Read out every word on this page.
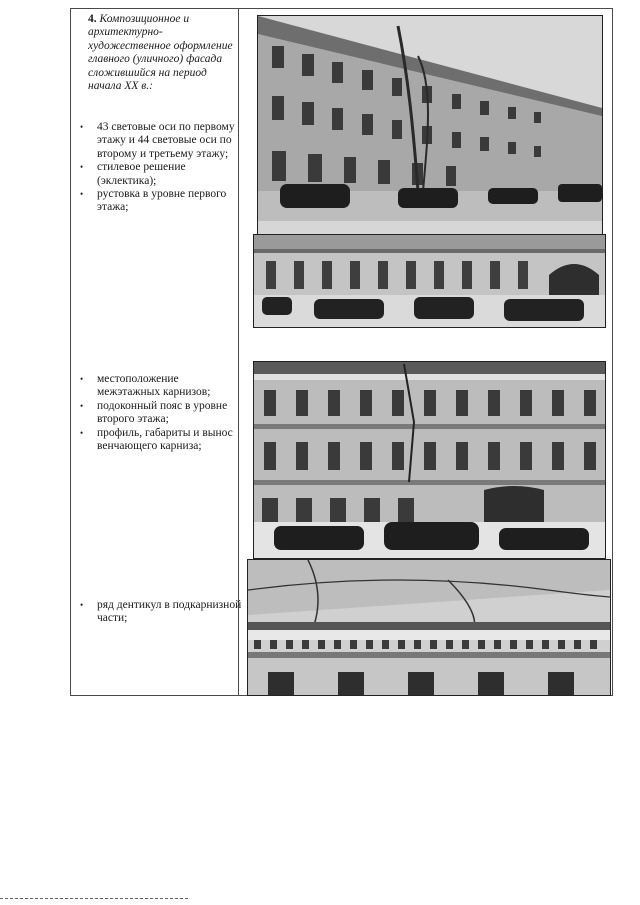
4. Композиционное и архитектурно-художественное оформление главного (уличного) фасада сложившийся на период начала XX в.:
• 43 световые оси по первому этажу и 44 световые оси по второму и третьему этажу;
• стилевое решение (эклектика);
• рустовка в уровне первого этажа;
• местоположение межэтажных карнизов;
• подоконный пояс в уровне второго этажа;
• профиль, габариты и вынос венчающего карниза;
• ряд дентикул в подкарнизной части;
